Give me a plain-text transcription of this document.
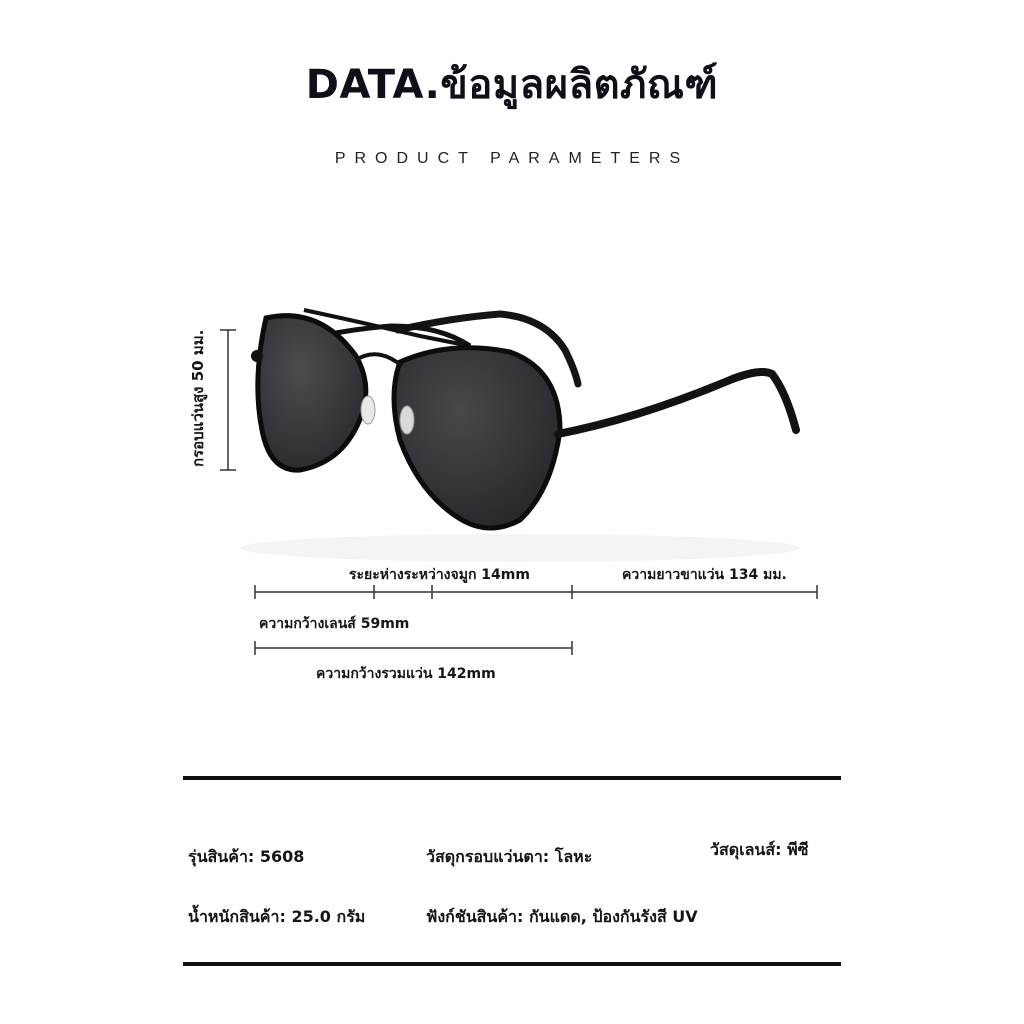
DATA.ข้อมูลผลิตภัณฑ์
PRODUCT PARAMETERS
กรอบแว่นสูง 50 มม.
ระยะห่างระหว่างจมูก 14mm	ความยาวขาแว่น 134 มม.
ความกว้างเลนส์ 59mm
ความกว้างรวมแว่น 142mm
รุ่นสินค้า: 5608	วัสดุกรอบแว่นตา: โลหะ	วัสดุเลนส์: พีซี
น้ำหนักสินค้า: 25.0 กรัม	ฟังก์ชันสินค้า: กันแดด, ป้องกันรังสี UV
